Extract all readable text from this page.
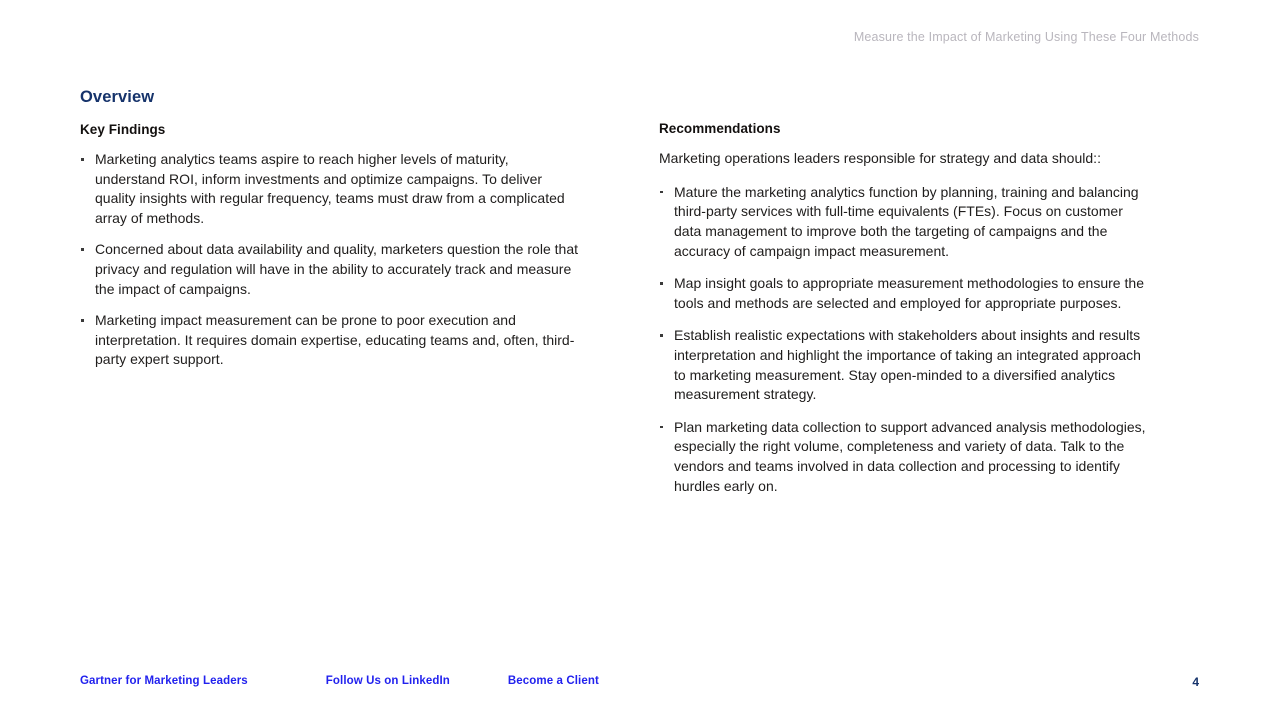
Measure the Impact of Marketing Using These Four Methods
Overview
Key Findings
Marketing analytics teams aspire to reach higher levels of maturity, understand ROI, inform investments and optimize campaigns. To deliver quality insights with regular frequency, teams must draw from a complicated array of methods.
Concerned about data availability and quality, marketers question the role that privacy and regulation will have in the ability to accurately track and measure the impact of campaigns.
Marketing impact measurement can be prone to poor execution and interpretation. It requires domain expertise, educating teams and, often, third-party expert support.
Recommendations

Marketing operations leaders responsible for strategy and data should::

Mature the marketing analytics function by planning, training and balancing third-party services with full-time equivalents (FTEs). Focus on customer data management to improve both the targeting of campaigns and the accuracy of campaign impact measurement.
Map insight goals to appropriate measurement methodologies to ensure the tools and methods are selected and employed for appropriate purposes.
Establish realistic expectations with stakeholders about insights and results interpretation and highlight the importance of taking an integrated approach to marketing measurement. Stay open-minded to a diversified analytics measurement strategy.
Plan marketing data collection to support advanced analysis methodologies, especially the right volume, completeness and variety of data. Talk to the vendors and teams involved in data collection and processing to identify hurdles early on.
Gartner for Marketing Leaders	Follow Us on LinkedIn	Become a Client	4
